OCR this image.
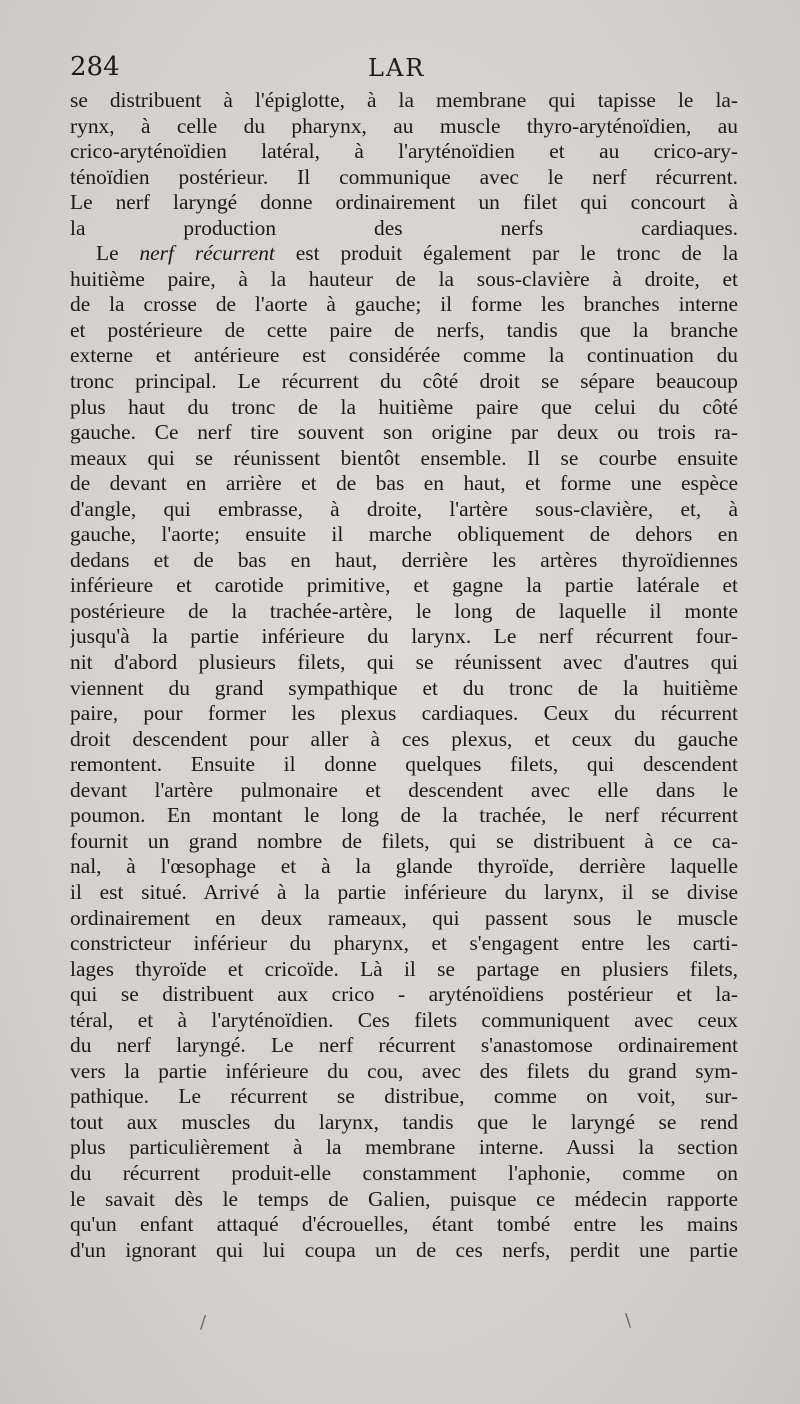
284	LAR
se distribuent à l'épiglotte, à la membrane qui tapisse le la-
rynx, à celle du pharynx, au muscle thyro-aryténoïdien, au
crico-aryténoïdien latéral, à l'aryténoïdien et au crico-ary-
ténoïdien postérieur. Il communique avec le nerf récurrent.
Le nerf laryngé donne ordinairement un filet qui concourt à
la production des nerfs cardiaques.
Le nerf récurrent est produit également par le tronc de la
huitième paire, à la hauteur de la sous-clavière à droite, et
de la crosse de l'aorte à gauche; il forme les branches interne
et postérieure de cette paire de nerfs, tandis que la branche
externe et antérieure est considérée comme la continuation du
tronc principal. Le récurrent du côté droit se sépare beaucoup
plus haut du tronc de la huitième paire que celui du côté
gauche. Ce nerf tire souvent son origine par deux ou trois ra-
meaux qui se réunissent bientôt ensemble. Il se courbe ensuite
de devant en arrière et de bas en haut, et forme une espèce
d'angle, qui embrasse, à droite, l'artère sous-clavière, et, à
gauche, l'aorte; ensuite il marche obliquement de dehors en
dedans et de bas en haut, derrière les artères thyroïdiennes
inférieure et carotide primitive, et gagne la partie latérale et
postérieure de la trachée-artère, le long de laquelle il monte
jusqu'à la partie inférieure du larynx. Le nerf récurrent four-
nit d'abord plusieurs filets, qui se réunissent avec d'autres qui
viennent du grand sympathique et du tronc de la huitième
paire, pour former les plexus cardiaques. Ceux du récurrent
droit descendent pour aller à ces plexus, et ceux du gauche
remontent. Ensuite il donne quelques filets, qui descendent
devant l'artère pulmonaire et descendent avec elle dans le
poumon. En montant le long de la trachée, le nerf récurrent
fournit un grand nombre de filets, qui se distribuent à ce ca-
nal, à l'œsophage et à la glande thyroïde, derrière laquelle
il est situé. Arrivé à la partie inférieure du larynx, il se divise
ordinairement en deux rameaux, qui passent sous le muscle
constricteur inférieur du pharynx, et s'engagent entre les carti-
lages thyroïde et cricoïde. Là il se partage en plusiers filets,
qui se distribuent aux crico - aryténoïdiens postérieur et la-
téral, et à l'aryténoïdien. Ces filets communiquent avec ceux
du nerf laryngé. Le nerf récurrent s'anastomose ordinairement
vers la partie inférieure du cou, avec des filets du grand sym-
pathique. Le récurrent se distribue, comme on voit, sur-
tout aux muscles du larynx, tandis que le laryngé se rend
plus particulièrement à la membrane interne. Aussi la section
du récurrent produit-elle constamment l'aphonie, comme on
le savait dès le temps de Galien, puisque ce médecin rapporte
qu'un enfant attaqué d'écrouelles, étant tombé entre les mains
d'un ignorant qui lui coupa un de ces nerfs, perdit une partie
/	\
